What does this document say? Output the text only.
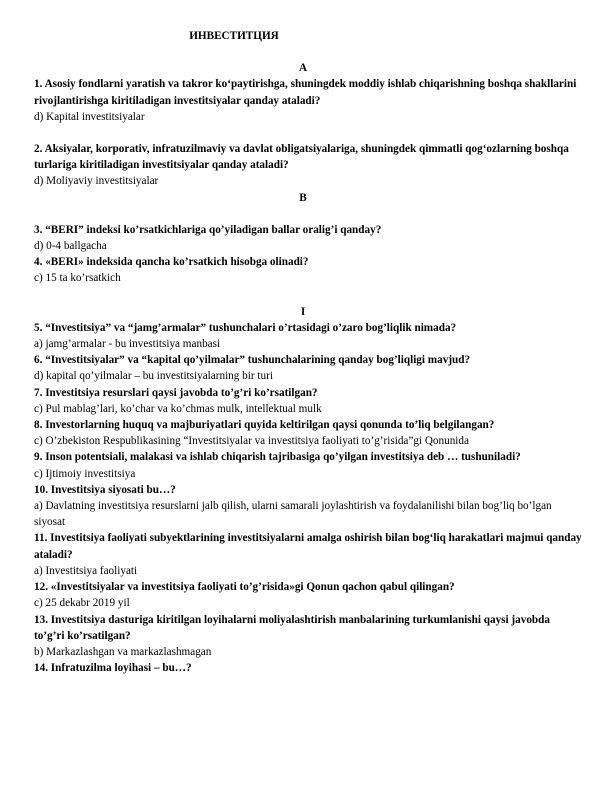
ИНВЕСТИТЦИЯ

A

1. Asosiy fondlarni yaratish va takror ko‘paytirishga, shuningdek moddiy ishlab chiqarishning boshqa shakllarini rivojlantirishga kiritiladigan investitsiyalar qanday ataladi?

d) Kapital investitsiyalar

2. Aksiyalar, korporativ, infratuzilmaviy va davlat obligatsiyalariga, shuningdek qimmatli qog‘ozlarning boshqa turlariga kiritiladigan investitsiyalar qanday ataladi?

d) Moliyaviy investitsiyalar

B

3. “BERI” indeksi ko’rsatkichlariga qo’yiladigan ballar oralig’i qanday?

d) 0-4 ballgacha

4. «BERI» indeksida qancha ko’rsatkich hisobga olinadi?

c) 15 ta ko’rsatkich

I

5. “Investitsiya” va “jamg’armalar” tushunchalari o’rtasidagi o’zaro bog’liqlik nimada?

a) jamg’armalar - bu investitsiya manbasi

6. “Investitsiyalar” va “kapital qo’yilmalar” tushunchalarining qanday bog’liqligi mavjud?

d) kapital qo’yilmalar – bu investitsiyalarning bir turi

7. Investitsiya resurslari qaysi javobda to’g’ri ko’rsatilgan?

c) Pul mablag’lari, ko’char va ko’chmas mulk, intellektual mulk

8. Investorlarning huquq va majburiyatlari quyida keltirilgan qaysi qonunda to’liq belgilangan?

c) O’zbekiston Respublikasining “Investitsiyalar va investitsiya faoliyati to’g’risida”gi Qonunida

9. Inson potentsiali, malakasi va ishlab chiqarish tajribasiga qo’yilgan investitsiya deb … tushuniladi?

c) Ijtimoiy investitsiya

10. Investitsiya siyosati bu…?

a) Davlatning investitsiya resurslarni jalb qilish, ularni samarali joylashtirish va foydalanilishi bilan bog’liq bo’lgan siyosat

11. Investitsiya faoliyati subyektlarining investitsiyalarni amalga oshirish bilan bog‘liq harakatlari majmui qanday ataladi?

a) Investitsiya faoliyati

12. «Investitsiyalar va investitsiya faoliyati to’g’risida»gi Qonun qachon qabul qilingan?

c) 25 dekabr 2019 yil

13. Investitsiya dasturiga kiritilgan loyihalarni moliyalashtirish manbalarining turkumlanishi qaysi javobda to’g’ri ko’rsatilgan?

b) Markazlashgan va markazlashmagan

14. Infratuzilma loyihasi – bu…?
